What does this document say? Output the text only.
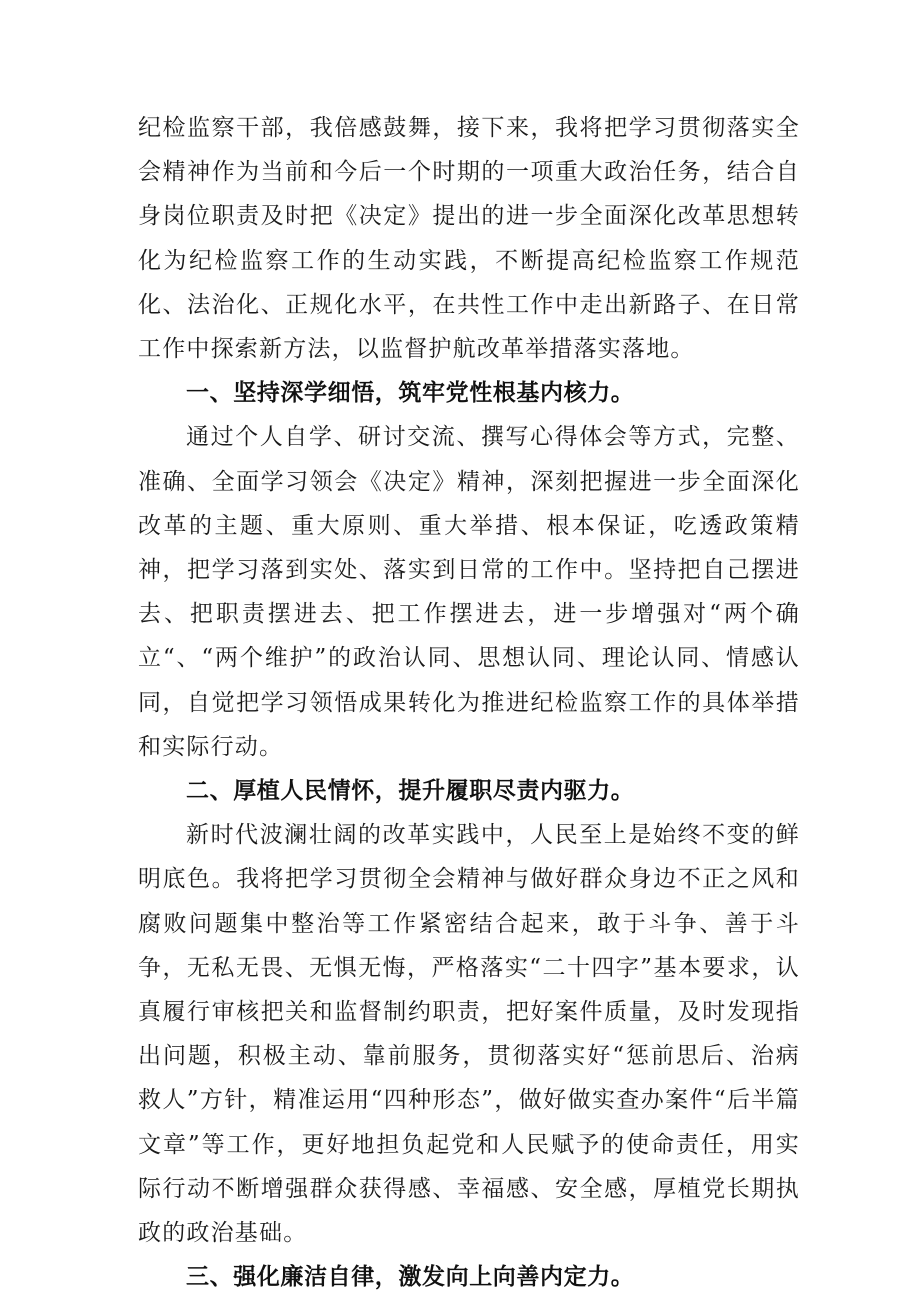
纪检监察干部，我倍感鼓舞，接下来，我将把学习贯彻落实全会精神作为当前和今后一个时期的一项重大政治任务，结合自身岗位职责及时把《决定》提出的进一步全面深化改革思想转化为纪检监察工作的生动实践，不断提高纪检监察工作规范化、法治化、正规化水平，在共性工作中走出新路子、在日常工作中探索新方法，以监督护航改革举措落实落地。

一、坚持深学细悟，筑牢党性根基内核力。

通过个人自学、研讨交流、撰写心得体会等方式，完整、准确、全面学习领会《决定》精神，深刻把握进一步全面深化改革的主题、重大原则、重大举措、根本保证，吃透政策精神，把学习落到实处、落实到日常的工作中。坚持把自己摆进去、把职责摆进去、把工作摆进去，进一步增强对“两个确立“、“两个维护”的政治认同、思想认同、理论认同、情感认同，自觉把学习领悟成果转化为推进纪检监察工作的具体举措和实际行动。

二、厚植人民情怀，提升履职尽责内驱力。

新时代波澜壮阔的改革实践中，人民至上是始终不变的鲜明底色。我将把学习贯彻全会精神与做好群众身边不正之风和腐败问题集中整治等工作紧密结合起来，敢于斗争、善于斗争，无私无畏、无惧无悔，严格落实“二十四字”基本要求，认真履行审核把关和监督制约职责，把好案件质量，及时发现指出问题，积极主动、靠前服务，贯彻落实好“惩前思后、治病救人”方针，精准运用“四种形态”，做好做实查办案件“后半篇文章”等工作，更好地担负起党和人民赋予的使命责任，用实际行动不断增强群众获得感、幸福感、安全感，厚植党长期执政的政治基础。

三、强化廉洁自律，激发向上向善内定力。
